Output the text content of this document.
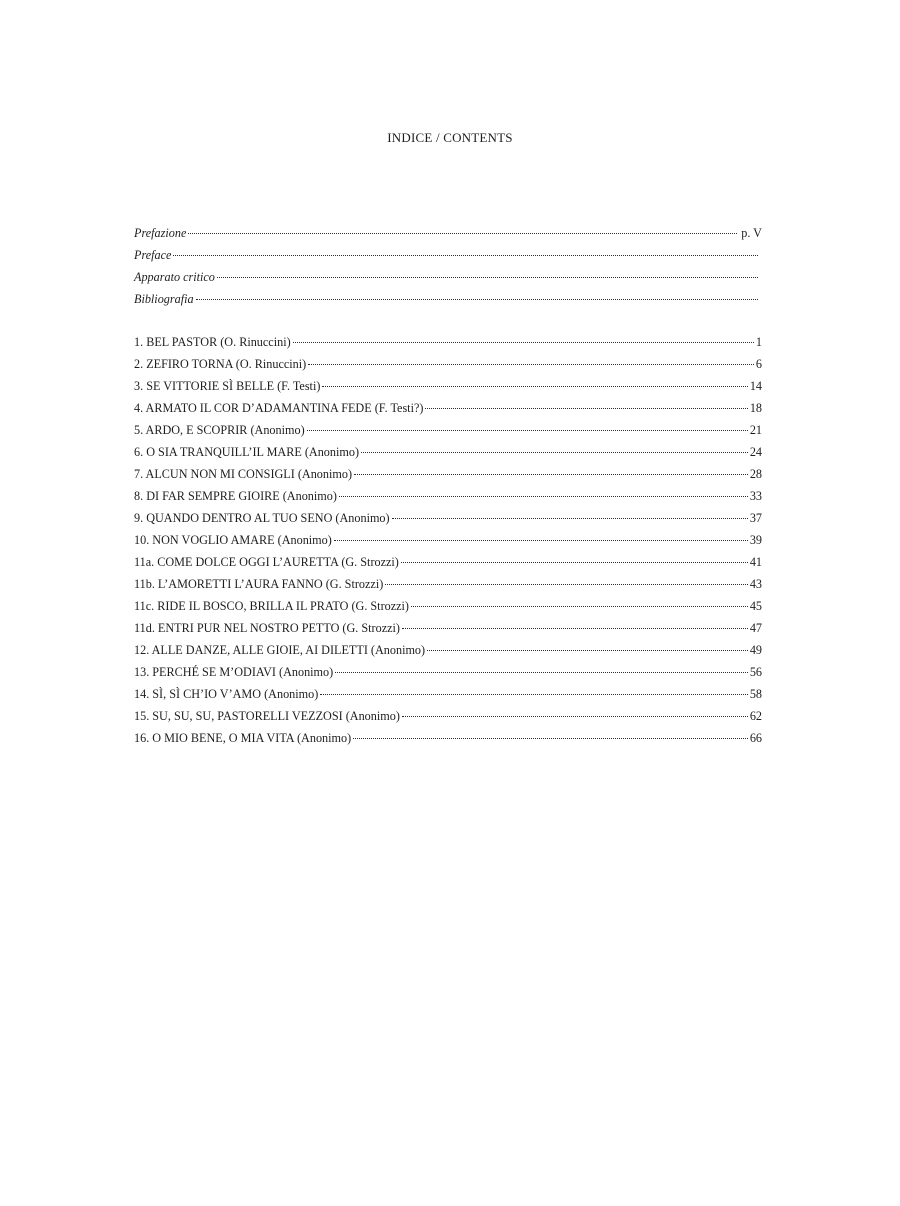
INDICE / CONTENTS
Prefazione	p. V
Preface
Apparato critico
Bibliografia
1. BEL PASTOR (O. Rinuccini)	1
2. ZEFIRO TORNA (O. Rinuccini)	6
3. SE VITTORIE SÌ BELLE (F. Testi)	14
4. ARMATO IL COR D’ADAMANTINA FEDE (F. Testi?)	18
5. ARDO, E SCOPRIR (Anonimo)	21
6. O SIA TRANQUILL’IL MARE (Anonimo)	24
7. ALCUN NON MI CONSIGLI (Anonimo)	28
8. DI FAR SEMPRE GIOIRE (Anonimo)	33
9. QUANDO DENTRO AL TUO SENO (Anonimo)	37
10. NON VOGLIO AMARE (Anonimo)	39
11a. COME DOLCE OGGI L’AURETTA (G. Strozzi)	41
11b. L’AMORETTI L’AURA FANNO (G. Strozzi)	43
11c. RIDE IL BOSCO, BRILLA IL PRATO (G. Strozzi)	45
11d. ENTRI PUR NEL NOSTRO PETTO (G. Strozzi)	47
12. ALLE DANZE, ALLE GIOIE, AI DILETTI (Anonimo)	49
13. PERCHÉ SE M’ODIAVI (Anonimo)	56
14. SÌ, SÌ CH’IO V’AMO (Anonimo)	58
15. SU, SU, SU, PASTORELLI VEZZOSI (Anonimo)	62
16. O MIO BENE, O MIA VITA (Anonimo)	66
